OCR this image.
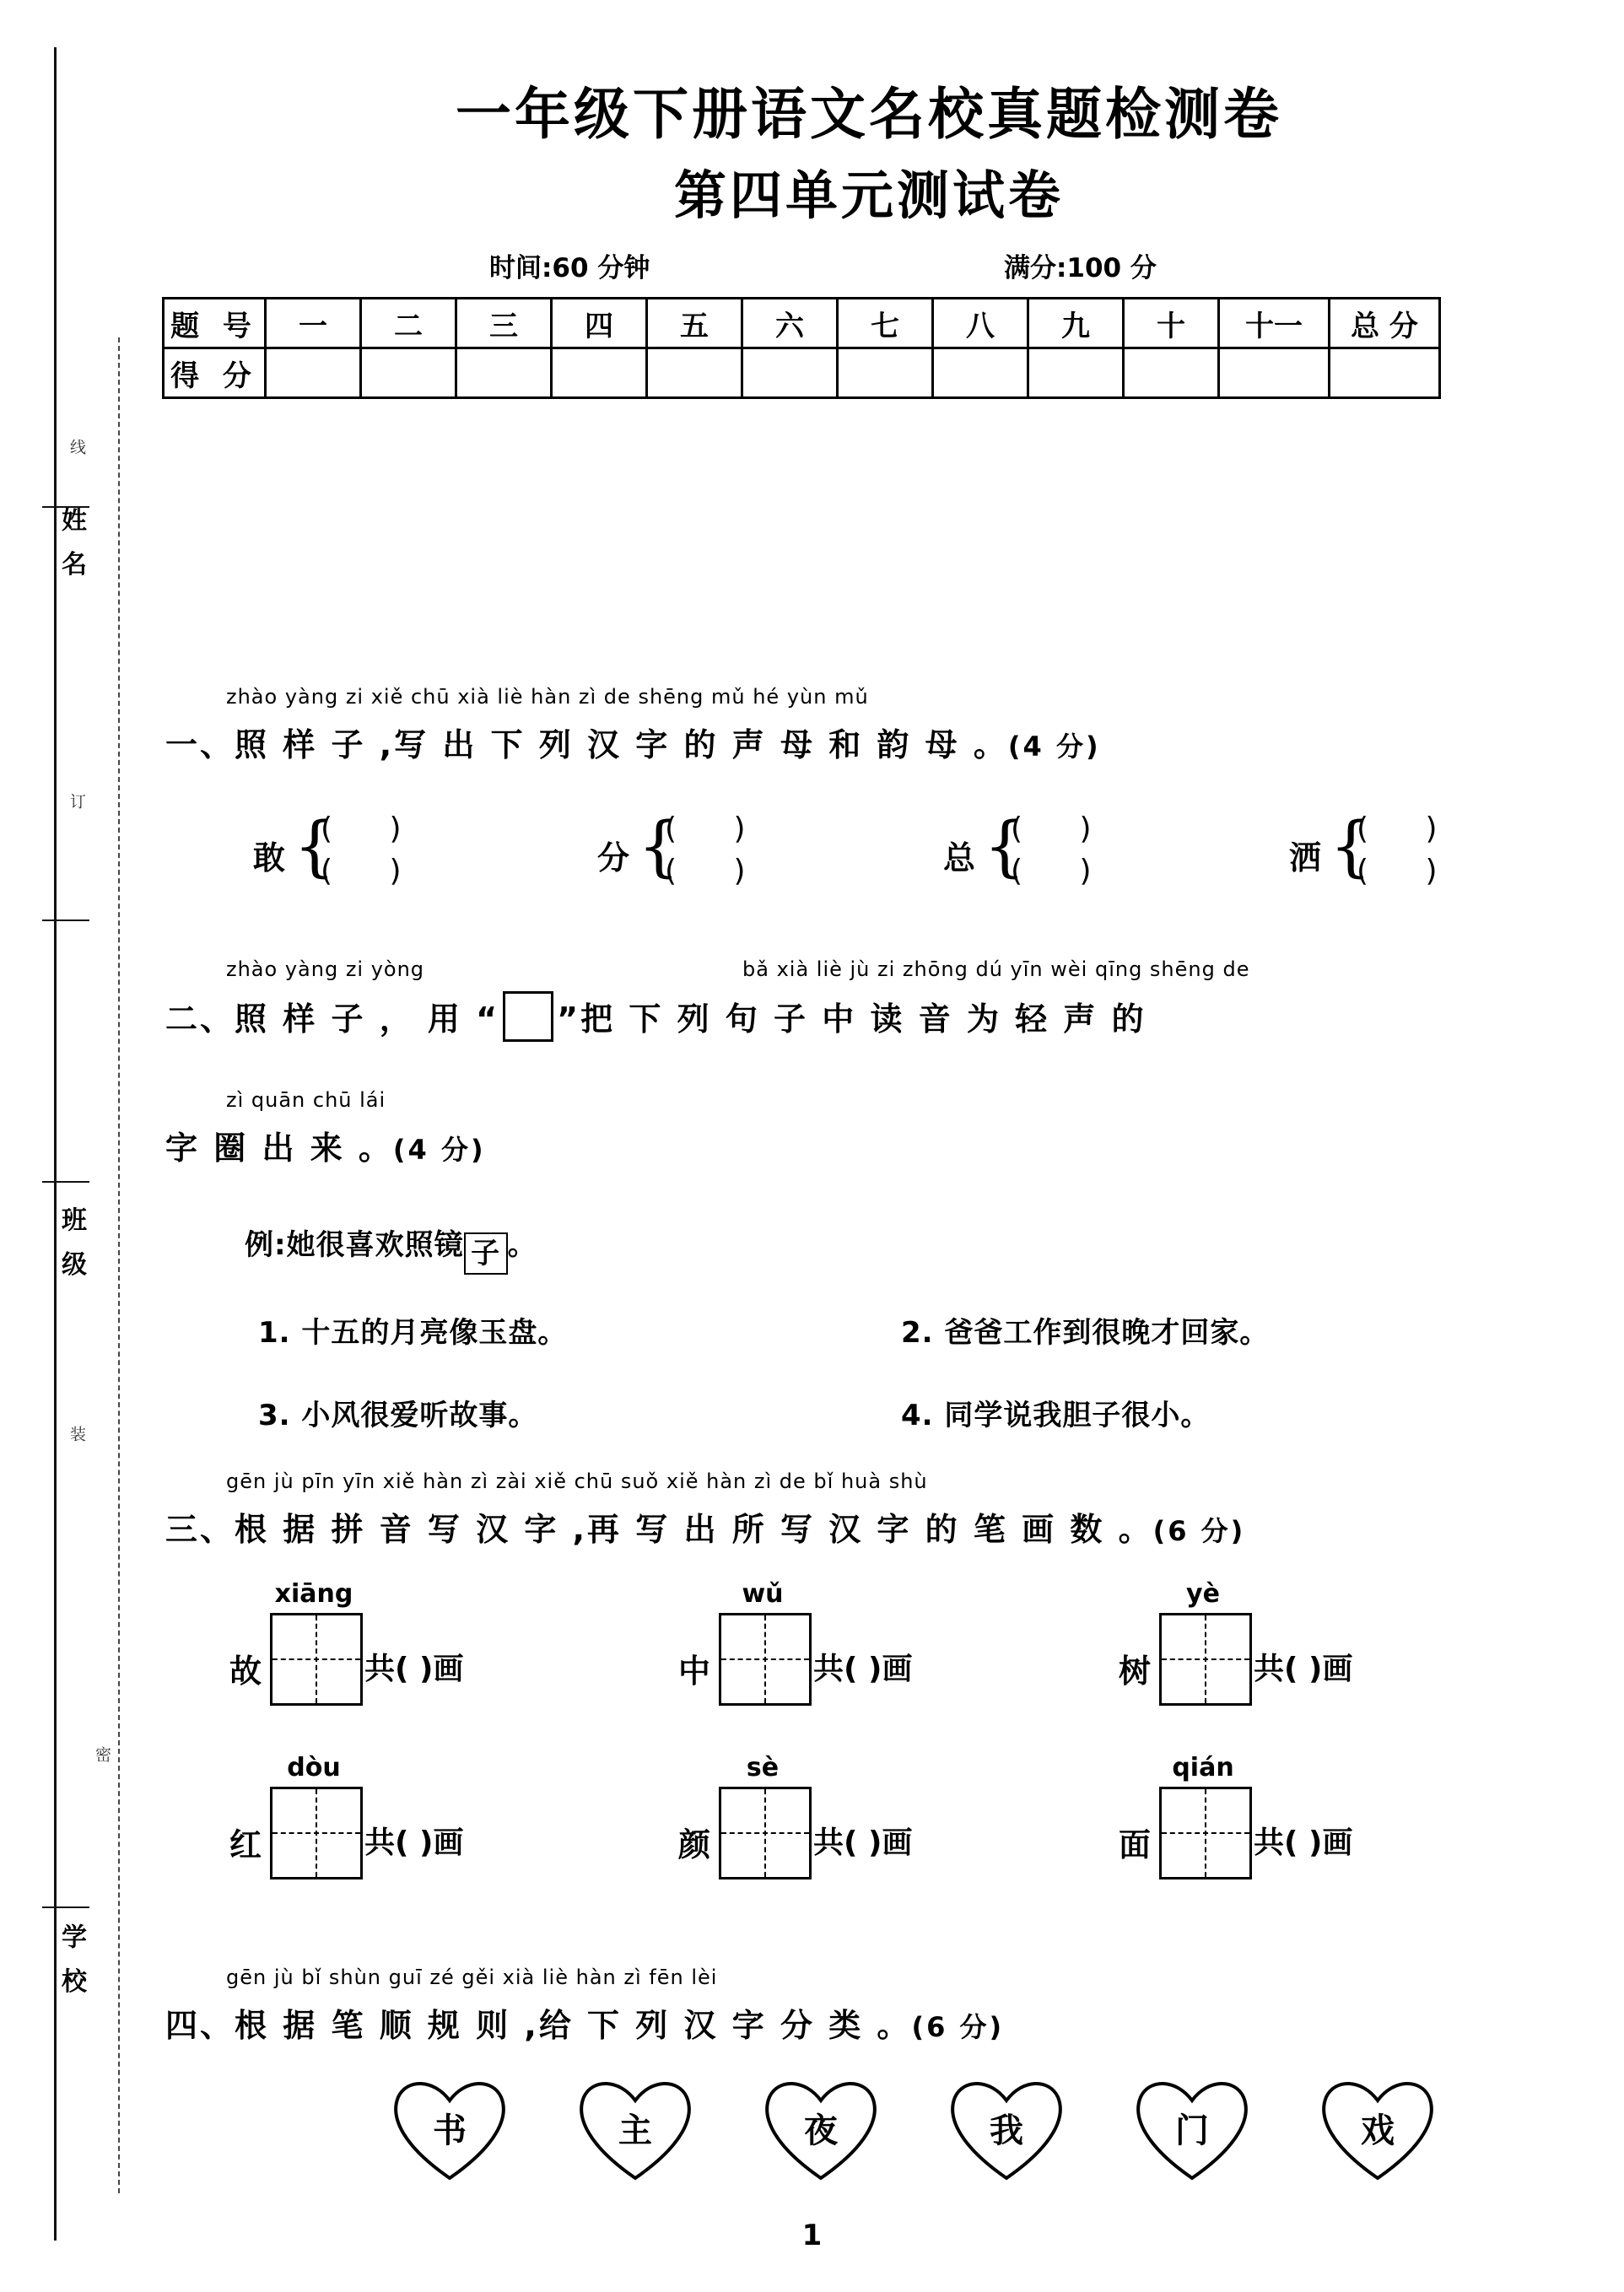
线
姓 名
订
班 级
装
密
学 校
一年级下册语文名校真题检测卷
第四单元测试卷
时间:60 分钟	满分:100 分
题 号	一	二	三	四	五	六	七	八	九	十	十一	总 分
得 分												
zhào yàng zi xiě chū xià liè hàn zì de shēng mǔ hé yùn mǔ
一、照 样 子 ,写 出 下 列 汉 字 的 声 母 和 韵 母 。(4 分)
敢 {
( )
( )	分 {
( )
( )	总 {
( )
( )	洒 {
( )
( )
zhào yàng zi yòng	bǎ xià liè jù zi zhōng dú yīn wèi qīng shēng de
二、照 样 子 ， 用 “ ”把 下 列 句 子 中 读 音 为 轻 声 的
zì quān chū lái
字 圈 出 来 。(4 分)
例:她很喜欢照镜 子 。
1. 十五的月亮像玉盘。	2. 爸爸工作到很晚才回家。
3. 小风很爱听故事。	4. 同学说我胆子很小。
gēn jù pīn yīn xiě hàn zì zài xiě chū suǒ xiě hàn zì de bǐ huà shù
三、根 据 拼 音 写 汉 字 ,再 写 出 所 写 汉 字 的 笔 画 数 。(6 分)
xiāng
故	共( )画
wǔ
中	共( )画
yè
树	共( )画
dòu
红	共( )画
sè
颜	共( )画
qián
面	共( )画
gēn jù bǐ shùn guī zé gěi xià liè hàn zì fēn lèi
四、根 据 笔 顺 规 则 ,给 下 列 汉 字 分 类 。(6 分)
书	主	夜	我	门	戏
1
